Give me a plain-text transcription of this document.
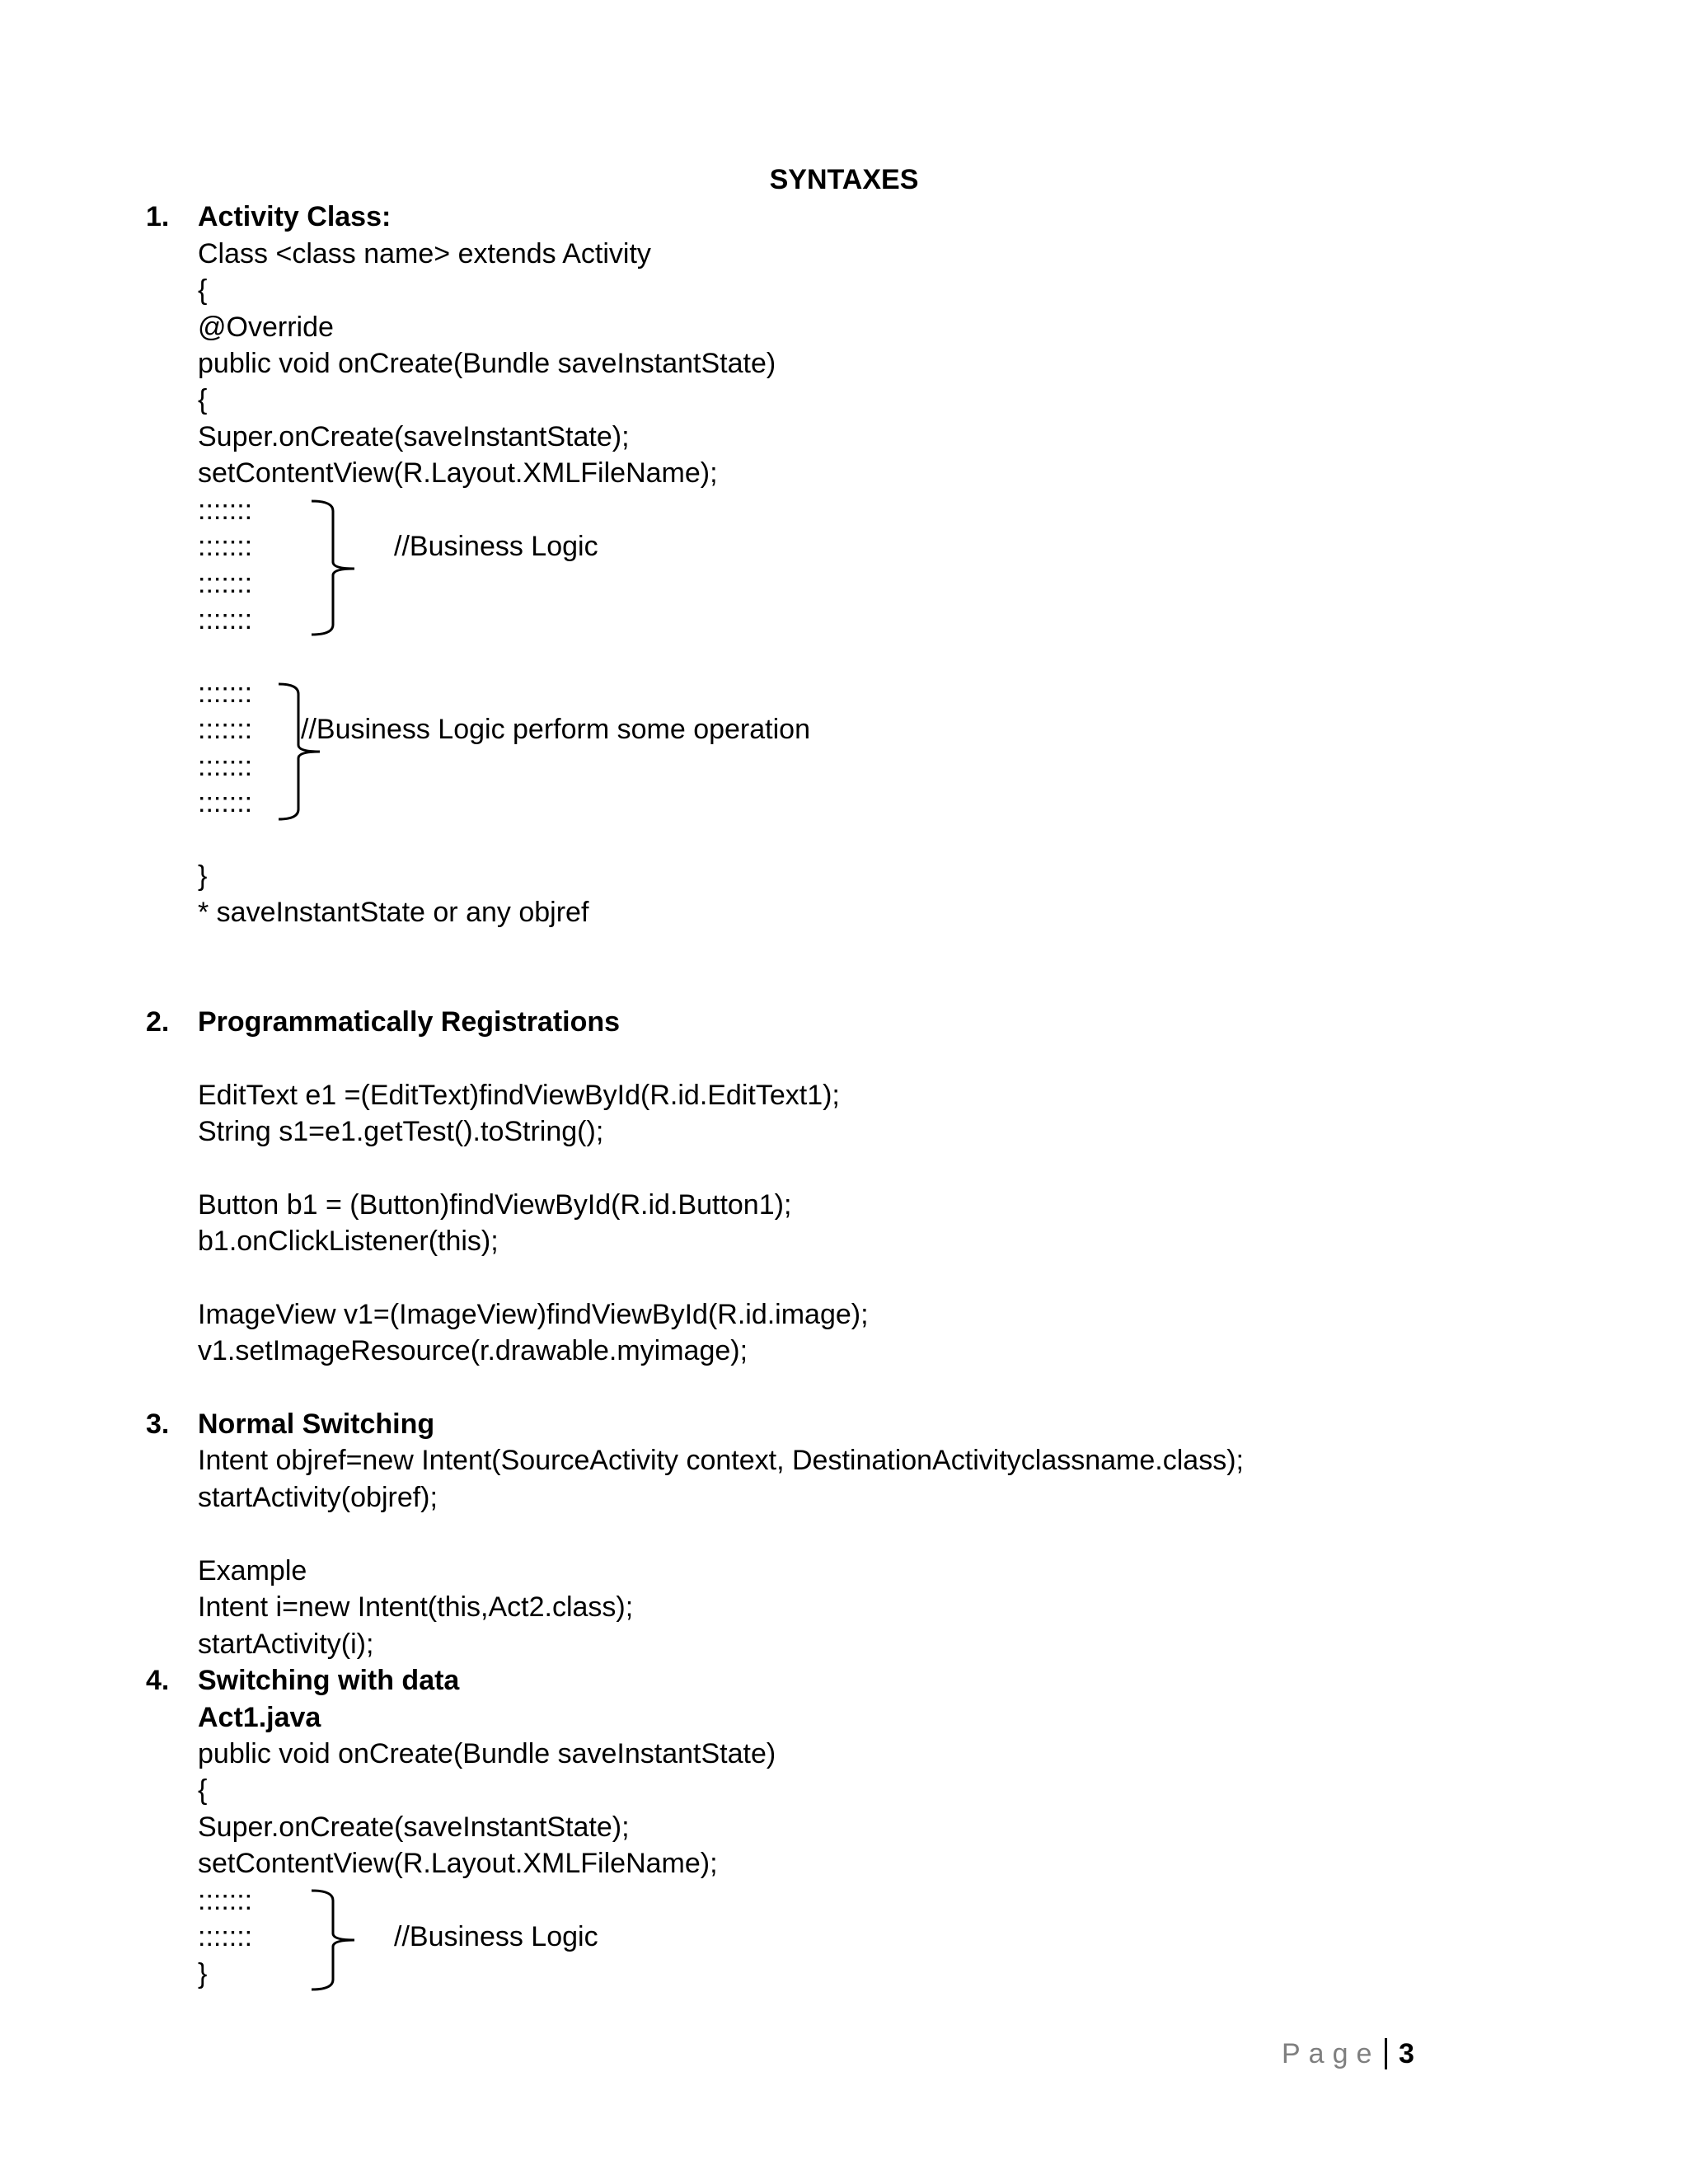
SYNTAXES
1. Activity Class:
Class <class name> extends Activity
{
@Override
public void onCreate(Bundle saveInstantState)
{
Super.onCreate(saveInstantState);
setContentView(R.Layout.XMLFileName);
:::::::
:::::::
:::::::
:::::::
//Business Logic
:::::::
:::::::
:::::::
:::::::
//Business Logic perform some operation
}
* saveInstantState or any objref
2. Programmatically Registrations
EditText e1 =(EditText)findViewById(R.id.EditText1);
String s1=e1.getTest().toString();
Button b1 = (Button)findViewById(R.id.Button1);
b1.onClickListener(this);
ImageView v1=(ImageView)findViewById(R.id.image);
v1.setImageResource(r.drawable.myimage);
3. Normal Switching
Intent objref=new Intent(SourceActivity context, DestinationActivityclassname.class);
startActivity(objref);
Example
Intent i=new Intent(this,Act2.class);
startActivity(i);
4. Switching with data
Act1.java
public void onCreate(Bundle saveInstantState)
{
Super.onCreate(saveInstantState);
setContentView(R.Layout.XMLFileName);
:::::::
:::::::
}
//Business Logic
Page 3
